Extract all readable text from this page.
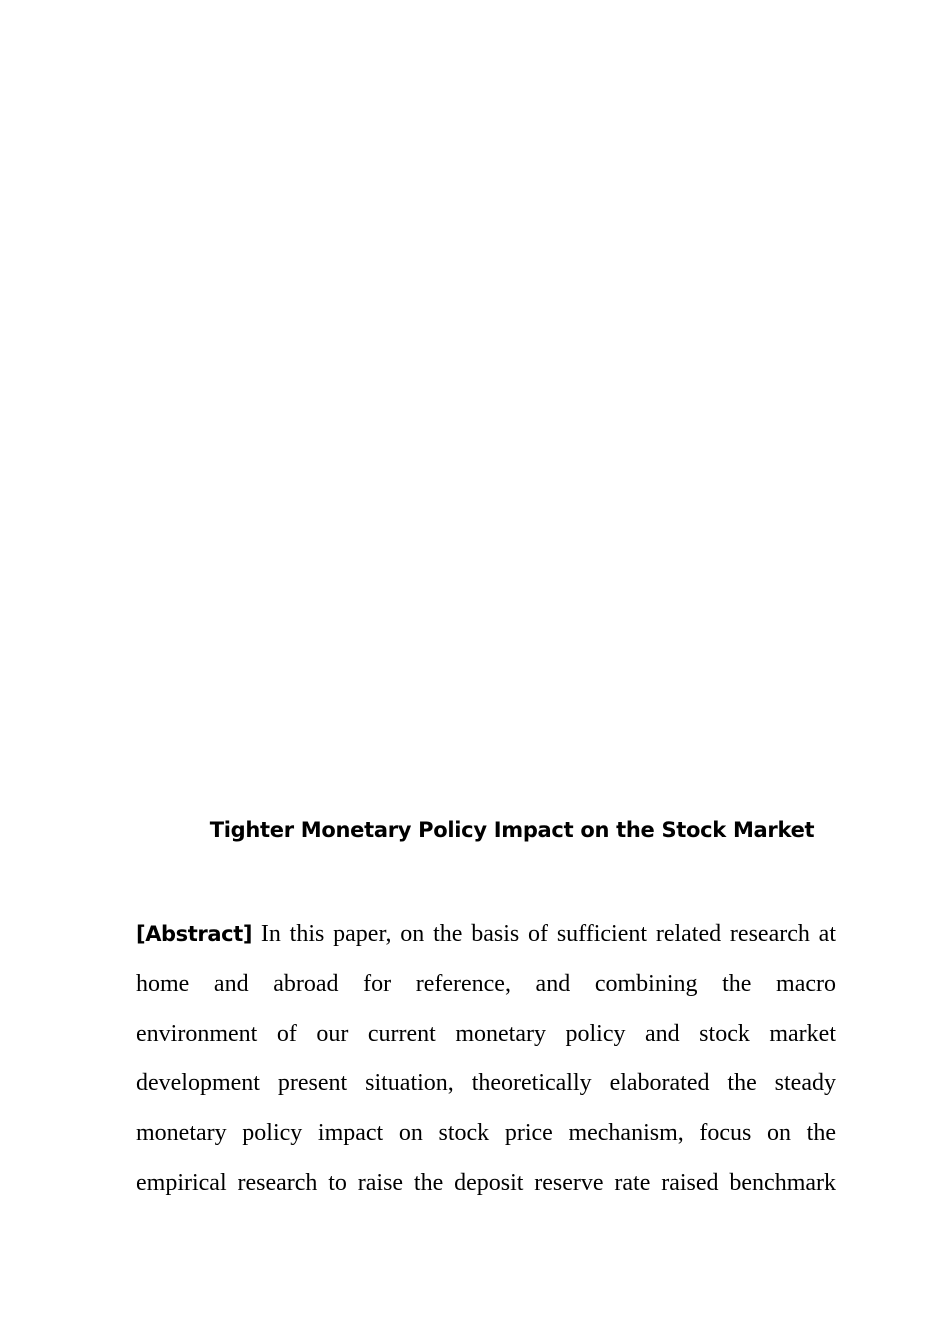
Tighter Monetary Policy Impact on the Stock Market
[Abstract] In this paper, on the basis of sufficient related research at
home and abroad for reference, and combining the macro
environment of our current monetary policy and stock market
development present situation, theoretically elaborated the steady
monetary policy impact on stock price mechanism, focus on the
empirical research to raise the deposit reserve rate raised benchmark
